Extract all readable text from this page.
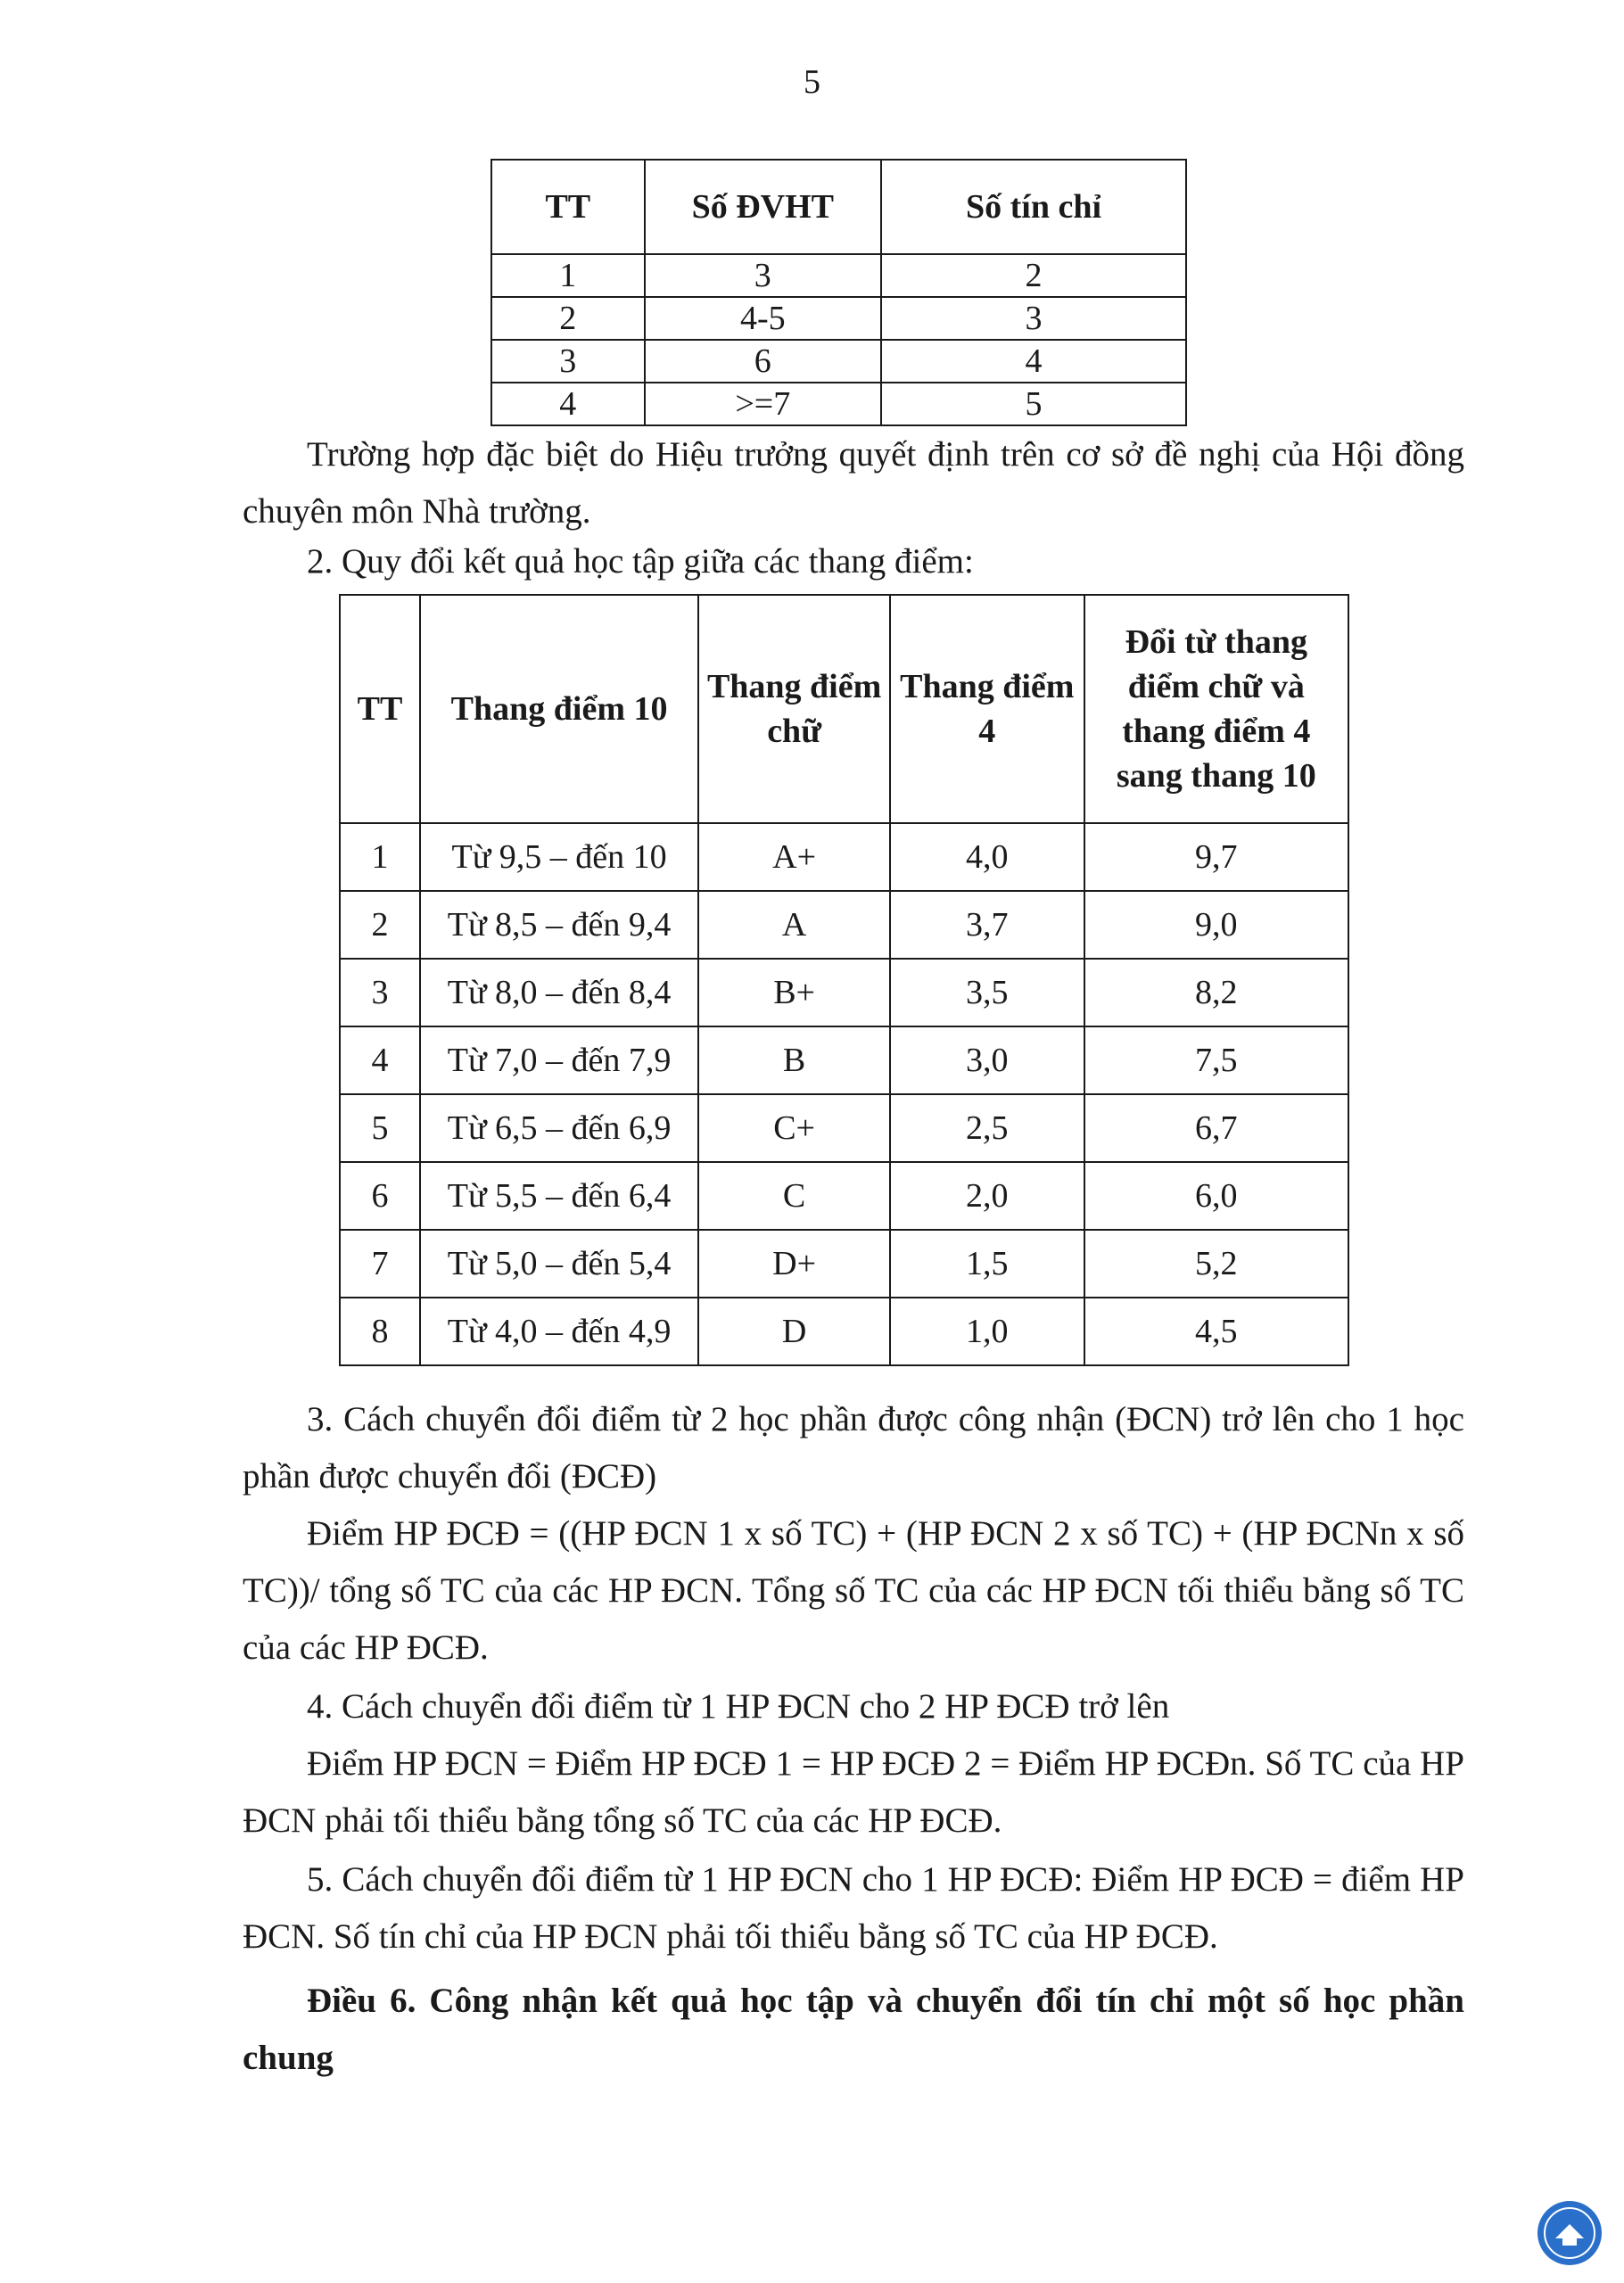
5
TT	Số ĐVHT	Số tín chỉ
1	3	2
2	4-5	3
3	6	4
4	>=7	5

Trường hợp đặc biệt do Hiệu trưởng quyết định trên cơ sở đề nghị của Hội đồng chuyên môn Nhà trường.

2. Quy đổi kết quả học tập giữa các thang điểm:

TT	Thang điểm 10	Thang điểm chữ	Thang điểm 4	Đổi từ thang điểm chữ và thang điểm 4 sang thang 10
1	Từ 9,5 – đến 10	A+	4,0	9,7
2	Từ 8,5 – đến 9,4	A	3,7	9,0
3	Từ 8,0 – đến 8,4	B+	3,5	8,2
4	Từ 7,0 – đến 7,9	B	3,0	7,5
5	Từ 6,5 – đến 6,9	C+	2,5	6,7
6	Từ 5,5 – đến 6,4	C	2,0	6,0
7	Từ 5,0 – đến 5,4	D+	1,5	5,2
8	Từ 4,0 – đến 4,9	D	1,0	4,5

3. Cách chuyển đổi điểm từ 2 học phần được công nhận (ĐCN) trở lên cho 1 học phần được chuyển đổi (ĐCĐ)

Điểm HP ĐCĐ = ((HP ĐCN 1 x số TC) + (HP ĐCN 2 x số TC) + (HP ĐCNn x số TC))/ tổng số TC của các HP ĐCN. Tổng số TC của các HP ĐCN tối thiểu bằng số TC của các HP ĐCĐ.

4. Cách chuyển đổi điểm từ 1 HP ĐCN cho 2 HP ĐCĐ trở lên

Điểm HP ĐCN = Điểm HP ĐCĐ 1 = HP ĐCĐ 2 = Điểm HP ĐCĐn. Số TC của HP ĐCN phải tối thiểu bằng tổng số TC của các HP ĐCĐ.

5. Cách chuyển đổi điểm từ 1 HP ĐCN cho 1 HP ĐCĐ: Điểm HP ĐCĐ = điểm HP ĐCN. Số tín chỉ của HP ĐCN phải tối thiểu bằng số TC của HP ĐCĐ.

Điều 6. Công nhận kết quả học tập và chuyển đổi tín chỉ một số học phần chung
